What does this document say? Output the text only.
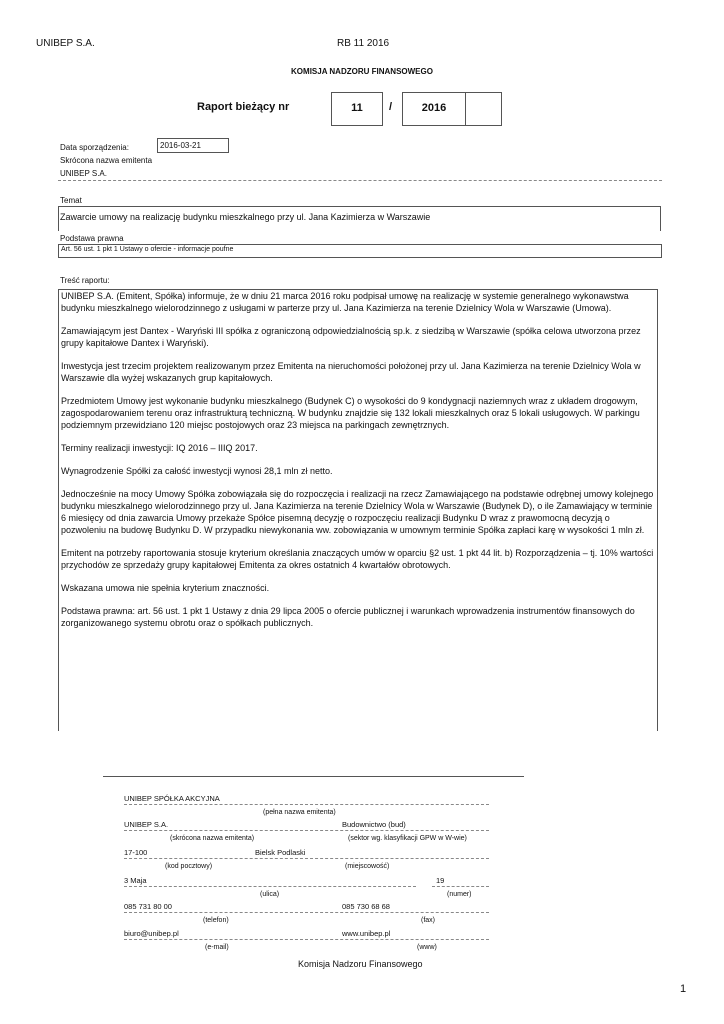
UNIBEP S.A.	RB 11 2016
KOMISJA NADZORU FINANSOWEGO
Raport bieżący nr	11	/	2016
Data sporządzenia:	2016-03-21
Skrócona nazwa emitenta
UNIBEP S.A.
Temat
Zawarcie umowy na realizację budynku mieszkalnego przy ul. Jana Kazimierza w Warszawie
Podstawa prawna
Art. 56 ust. 1 pkt 1 Ustawy o ofercie - informacje poufne
Treść raportu:

UNIBEP S.A. (Emitent, Spółka) informuje, że w dniu 21 marca 2016 roku podpisał umowę na realizację w systemie generalnego wykonawstwa budynku mieszkalnego wielorodzinnego z usługami w parterze przy ul. Jana Kazimierza na terenie Dzielnicy Wola w Warszawie (Umowa).

Zamawiającym jest Dantex - Waryński III spółka z ograniczoną odpowiedzialnością sp.k. z siedzibą w Warszawie (spółka celowa utworzona przez grupy kapitałowe Dantex i Waryński).

Inwestycja jest trzecim projektem realizowanym przez Emitenta na nieruchomości położonej przy ul. Jana Kazimierza na terenie Dzielnicy Wola w Warszawie dla wyżej wskazanych grup kapitałowych.

Przedmiotem Umowy jest wykonanie budynku mieszkalnego (Budynek C) o wysokości do 9 kondygnacji naziemnych wraz z układem drogowym, zagospodarowaniem terenu oraz infrastrukturą techniczną. W budynku znajdzie się 132 lokali mieszkalnych oraz 5 lokali usługowych. W parkingu podziemnym przewidziano 120 miejsc postojowych oraz 23 miejsca na parkingach zewnętrznych.

Terminy realizacji inwestycji: IQ 2016 – IIIQ 2017.

Wynagrodzenie Spółki za całość inwestycji wynosi 28,1 mln zł netto.

Jednocześnie na mocy Umowy Spółka zobowiązała się do rozpoczęcia i realizacji na rzecz Zamawiającego na podstawie odrębnej umowy kolejnego budynku mieszkalnego wielorodzinnego przy ul. Jana Kazimierza na terenie Dzielnicy Wola w Warszawie (Budynek D), o ile Zamawiający w terminie 6 miesięcy od dnia zawarcia Umowy przekaże Spółce pisemną decyzję o rozpoczęciu realizacji Budynku D wraz z prawomocną decyzją o pozwoleniu na budowę Budynku D. W przypadku niewykonania ww. zobowiązania w umownym terminie Spółka zapłaci karę w wysokości 1 mln zł.

Emitent na potrzeby raportowania stosuje kryterium określania znaczących umów w oparciu §2 ust. 1 pkt 44 lit. b) Rozporządzenia – tj. 10% wartości przychodów ze sprzedaży grupy kapitałowej Emitenta za okres ostatnich 4 kwartałów obrotowych.

Wskazana umowa nie spełnia kryterium znaczności.

Podstawa prawna: art. 56 ust. 1 pkt 1 Ustawy z dnia 29 lipca 2005 o ofercie publicznej i warunkach wprowadzenia instrumentów finansowych do zorganizowanego systemu obrotu oraz o spółkach publicznych.

UNIBEP SPÓŁKA AKCYJNA
(pełna nazwa emitenta)
UNIBEP S.A.	Budownictwo (bud)
(skrócona nazwa emitenta)	(sektor wg. klasyfikacji GPW w W-wie)
17-100	Bielsk Podlaski
(kod pocztowy)	(miejscowość)
3 Maja	19
(ulica)	(numer)
085 731 80 00	085 730 68 68
(telefon)	(fax)
biuro@unibep.pl	www.unibep.pl
(e-mail)	(www)
Komisja Nadzoru Finansowego
1
